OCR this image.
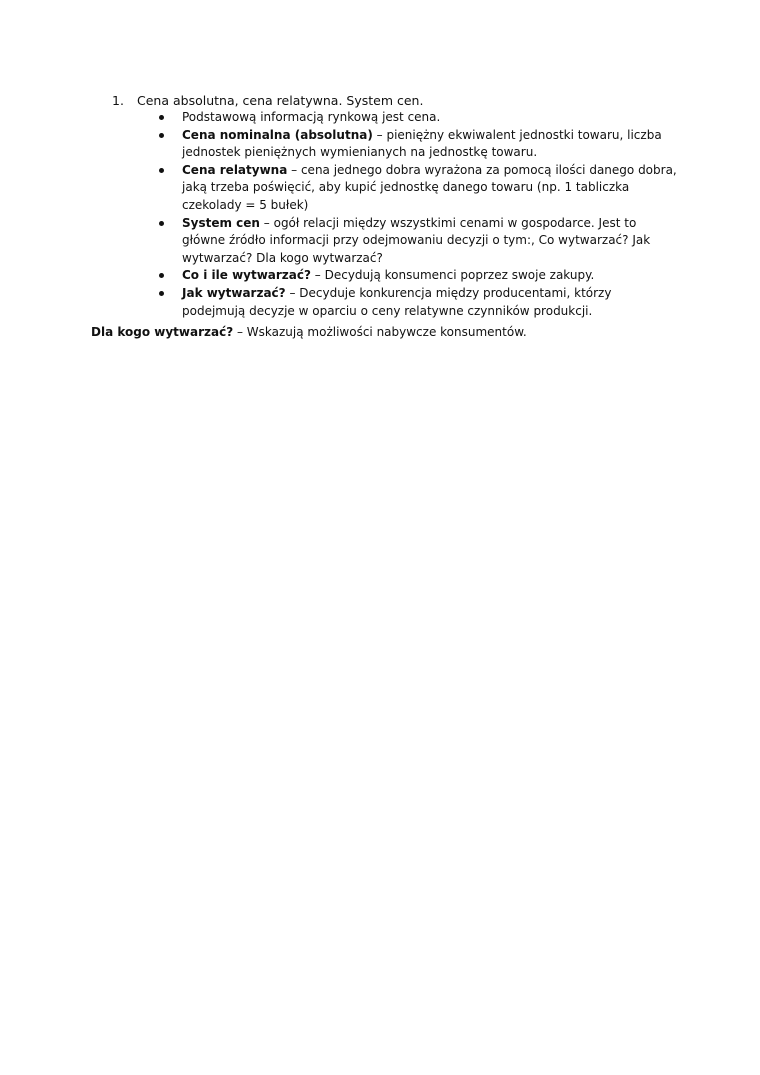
1. Cena absolutna, cena relatywna. System cen.
Podstawową informacją rynkową jest cena.
Cena nominalna (absolutna) – pieniężny ekwiwalent jednostki towaru, liczba jednostek pieniężnych wymienianych na jednostkę towaru.
Cena relatywna – cena jednego dobra wyrażona za pomocą ilości danego dobra, jaką trzeba poświęcić, aby kupić jednostkę danego towaru (np. 1 tabliczka czekolady = 5 bułek)
System cen – ogół relacji między wszystkimi cenami w gospodarce. Jest to główne źródło informacji przy odejmowaniu decyzji o tym:, Co wytwarzać? Jak wytwarzać? Dla kogo wytwarzać?
Co i ile wytwarzać? – Decydują konsumenci poprzez swoje zakupy.
Jak wytwarzać? – Decyduje konkurencja między producentami, którzy podejmują decyzje w oparciu o ceny relatywne czynników produkcji.
Dla kogo wytwarzać? – Wskazują możliwości nabywcze konsumentów.
